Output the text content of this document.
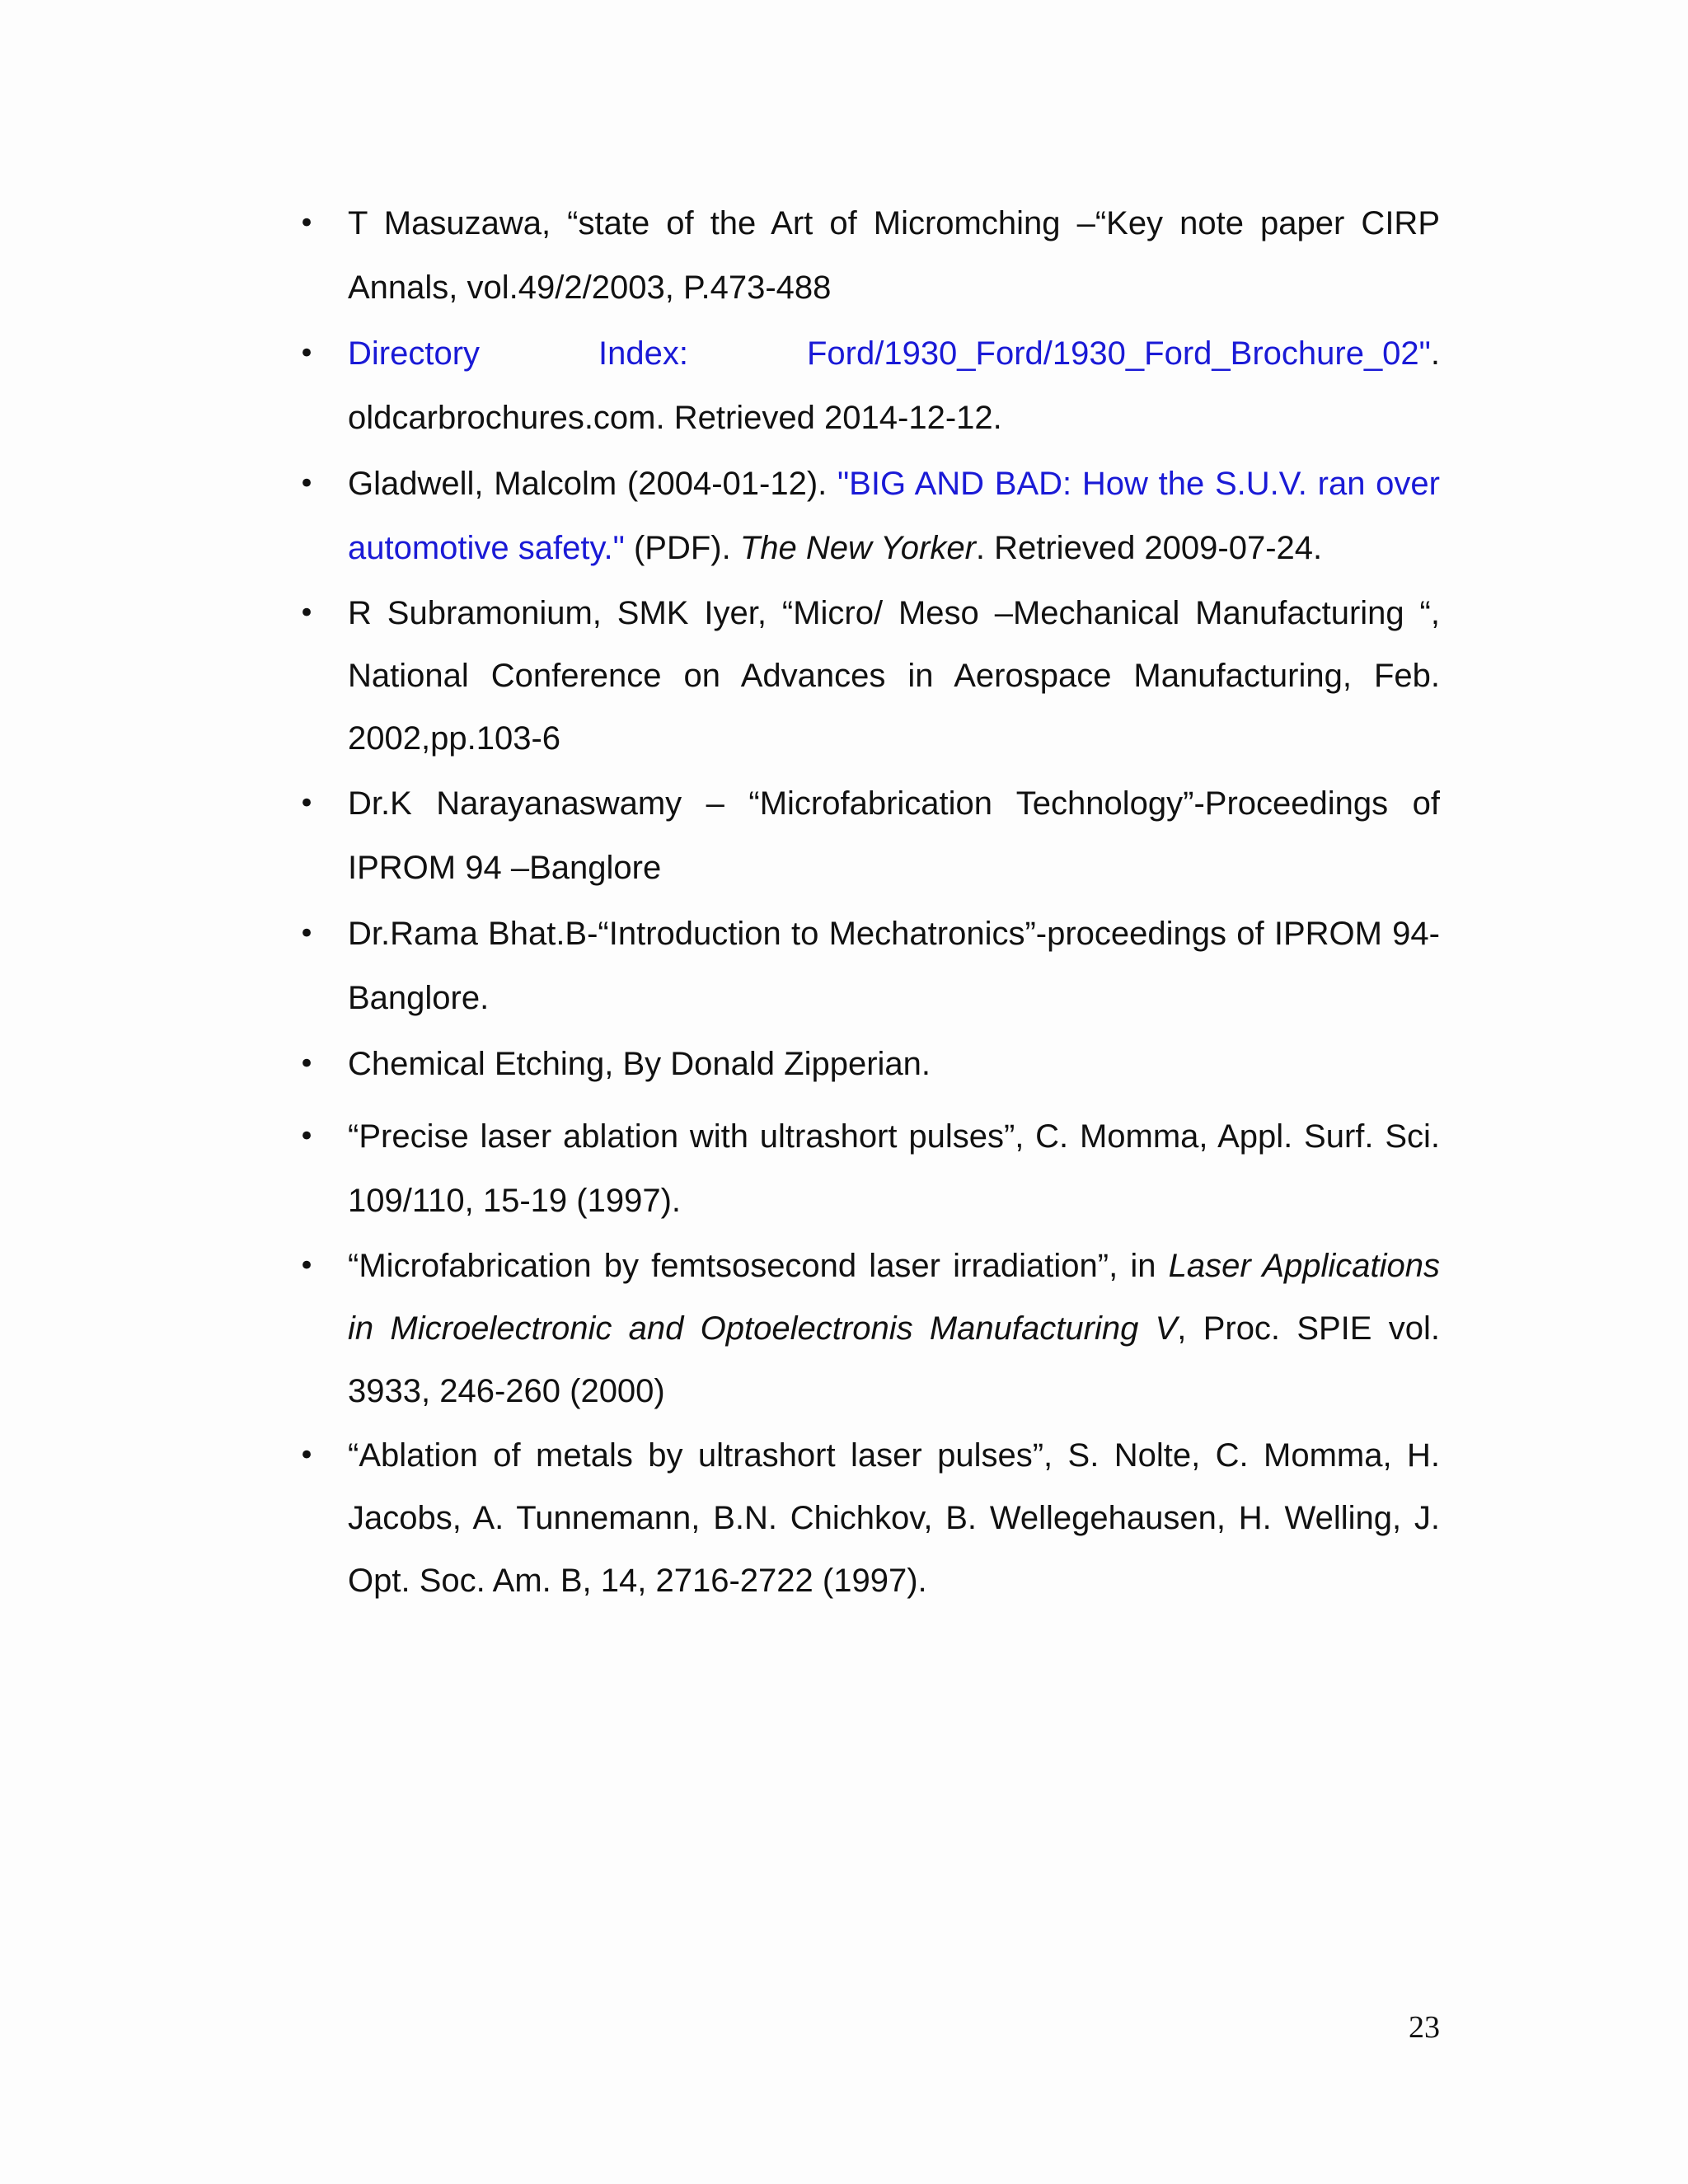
• T Masuzawa, “state of the Art of Micromching –“Key note paper CIRP Annals, vol.49/2/2003, P.473-488
• Directory Index: Ford/1930_Ford/1930_Ford_Brochure_02". oldcarbrochures.com. Retrieved 2014-12-12.
• Gladwell, Malcolm (2004-01-12). "BIG AND BAD: How the S.U.V. ran over automotive safety." (PDF). The New Yorker. Retrieved 2009-07-24.
• R Subramonium, SMK Iyer, “Micro/ Meso –Mechanical Manufacturing “, National Conference on Advances in Aerospace Manufacturing, Feb. 2002,pp.103-6
• Dr.K Narayanaswamy – “Microfabrication Technology”-Proceedings of IPROM 94 –Banglore
• Dr.Rama Bhat.B-“Introduction to Mechatronics”-proceedings of IPROM 94-Banglore.
• Chemical Etching, By Donald Zipperian.
• “Precise laser ablation with ultrashort pulses”, C. Momma, Appl. Surf. Sci. 109/110, 15-19 (1997).
• “Microfabrication by femtsosecond laser irradiation”, in Laser Applications in Microelectronic and Optoelectronis Manufacturing V, Proc. SPIE vol. 3933, 246-260 (2000)
• “Ablation of metals by ultrashort laser pulses”, S. Nolte, C. Momma, H. Jacobs, A. Tunnemann, B.N. Chichkov, B. Wellegehausen, H. Welling, J. Opt. Soc. Am. B, 14, 2716-2722 (1997).
23
